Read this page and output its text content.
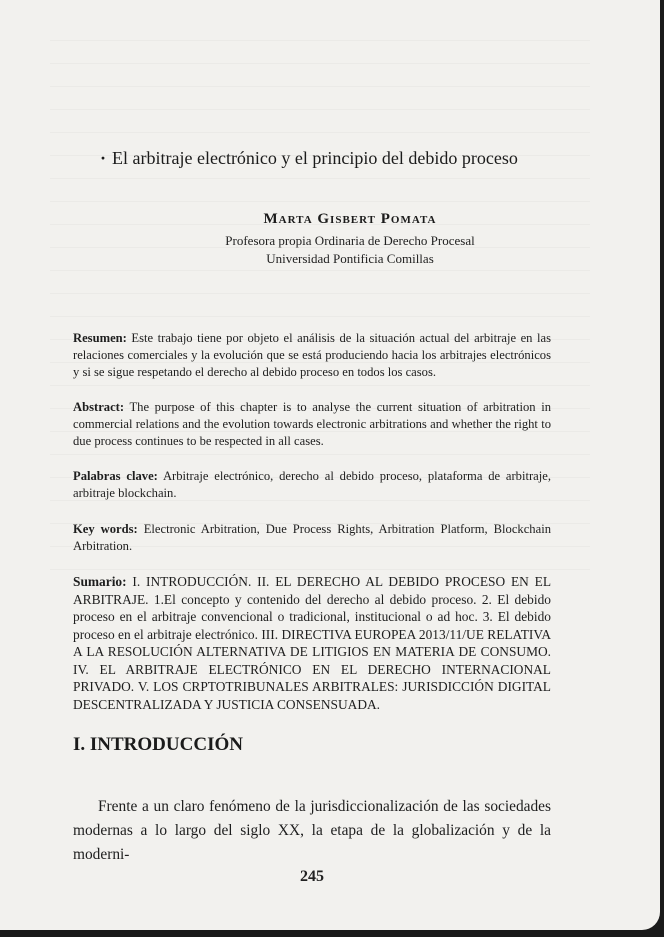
· El arbitraje electrónico y el principio del debido proceso
Marta Gisbert Pomata
Profesora propia Ordinaria de Derecho Procesal
Universidad Pontificia Comillas
Resumen: Este trabajo tiene por objeto el análisis de la situación actual del arbitraje en las relaciones comerciales y la evolución que se está produciendo hacia los arbitrajes electrónicos y si se sigue respetando el derecho al debido proceso en todos los casos.
Abstract: The purpose of this chapter is to analyse the current situation of arbitration in commercial relations and the evolution towards electronic arbitrations and whether the right to due process continues to be respected in all cases.
Palabras clave: Arbitraje electrónico, derecho al debido proceso, plataforma de arbitraje, arbitraje blockchain.
Key words: Electronic Arbitration, Due Process Rights, Arbitration Platform, Blockchain Arbitration.
Sumario: I. INTRODUCCIÓN. II. EL DERECHO AL DEBIDO PROCESO EN EL ARBITRAJE. 1.El concepto y contenido del derecho al debido proceso. 2. El debido proceso en el arbitraje convencional o tradicional, institucional o ad hoc. 3. El debido proceso en el arbitraje electrónico. III. DIRECTIVA EUROPEA 2013/11/UE RELATIVA A LA RESOLUCIÓN ALTERNATIVA DE LITIGIOS EN MATERIA DE CONSUMO. IV. EL ARBITRAJE ELECTRÓNICO EN EL DERECHO INTERNACIONAL PRIVADO. V. LOS CRPTOTRIBUNALES ARBITRALES: JURISDICCIÓN DIGITAL DESCENTRALIZADA Y JUSTICIA CONSENSUADA.
I. INTRODUCCIÓN
Frente a un claro fenómeno de la jurisdiccionalización de las sociedades modernas a lo largo del siglo XX, la etapa de la globalización y de la moderni-
245
